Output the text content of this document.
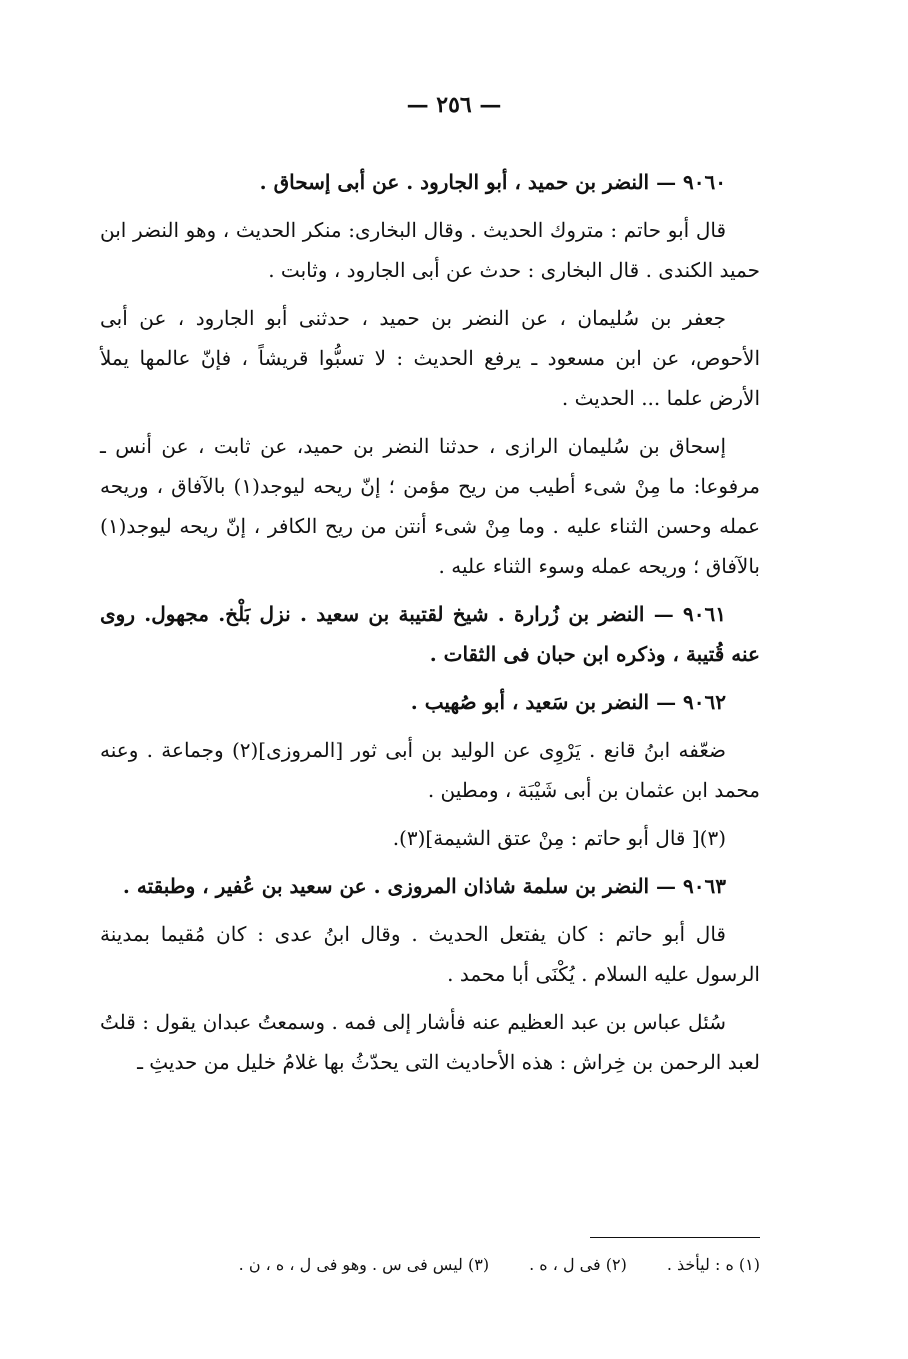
— ٢٥٦ —

٩٠٦٠ — النضر بن حميد ، أبو الجارود . عن أبى إسحاق .

قال أبو حاتم : متروك الحديث . وقال البخارى: منكر الحديث ، وهو النضر ابن حميد الكندى . قال البخارى : حدث عن أبى الجارود ، وثابت .

جعفر بن سُليمان ، عن النضر بن حميد ، حدثنى أبو الجارود ، عن أبى الأحوص، عن ابن مسعود ـ يرفع الحديث : لا تسبُّوا قريشاً ، فإنّ عالمها يملأ الأرض علما ... الحديث .

إسحاق بن سُليمان الرازى ، حدثنا النضر بن حميد، عن ثابت ، عن أنس ـ مرفوعا: ما مِنْ شىء أطيب من ريح مؤمن ؛ إنّ ريحه ليوجد(١) بالآفاق ، وريحه عمله وحسن الثناء عليه . وما مِنْ شىء أنتن من ريح الكافر ، إنّ ريحه ليوجد(١) بالآفاق ؛ وريحه عمله وسوء الثناء عليه .

٩٠٦١ — النضر بن زُرارة . شيخ لقتيبة بن سعيد . نزل بَلْخ. مجهول. روى عنه قُتيبة ، وذكره ابن حبان فى الثقات .

٩٠٦٢ — النضر بن سَعيد ، أبو صُهيب .

ضعّفه ابنُ قانع . يَرْوِى عن الوليد بن أبى ثور [المروزى](٢) وجماعة . وعنه محمد ابن عثمان بن أبى شَيْبَة ، ومطين .

(٣)[ قال أبو حاتم : مِنْ عتق الشيمة](٣).

٩٠٦٣ — النضر بن سلمة شاذان المروزى . عن سعيد بن عُفير ، وطبقته .

قال أبو حاتم : كان يفتعل الحديث . وقال ابنُ عدى : كان مُقيما بمدينة الرسول عليه السلام . يُكْنَى أبا محمد .

سُئل عباس بن عبد العظيم عنه فأشار إلى فمه . وسمعتُ عبدان يقول : قلتُ لعبد الرحمن بن خِراش : هذه الأحاديث التى يحدّثُ بها غلامُ خليل من حديثِ ـ

(١) ه : ليأخذ .
(٢) فى ل ، ه .
(٣) ليس فى س . وهو فى ل ، ه ، ن .
